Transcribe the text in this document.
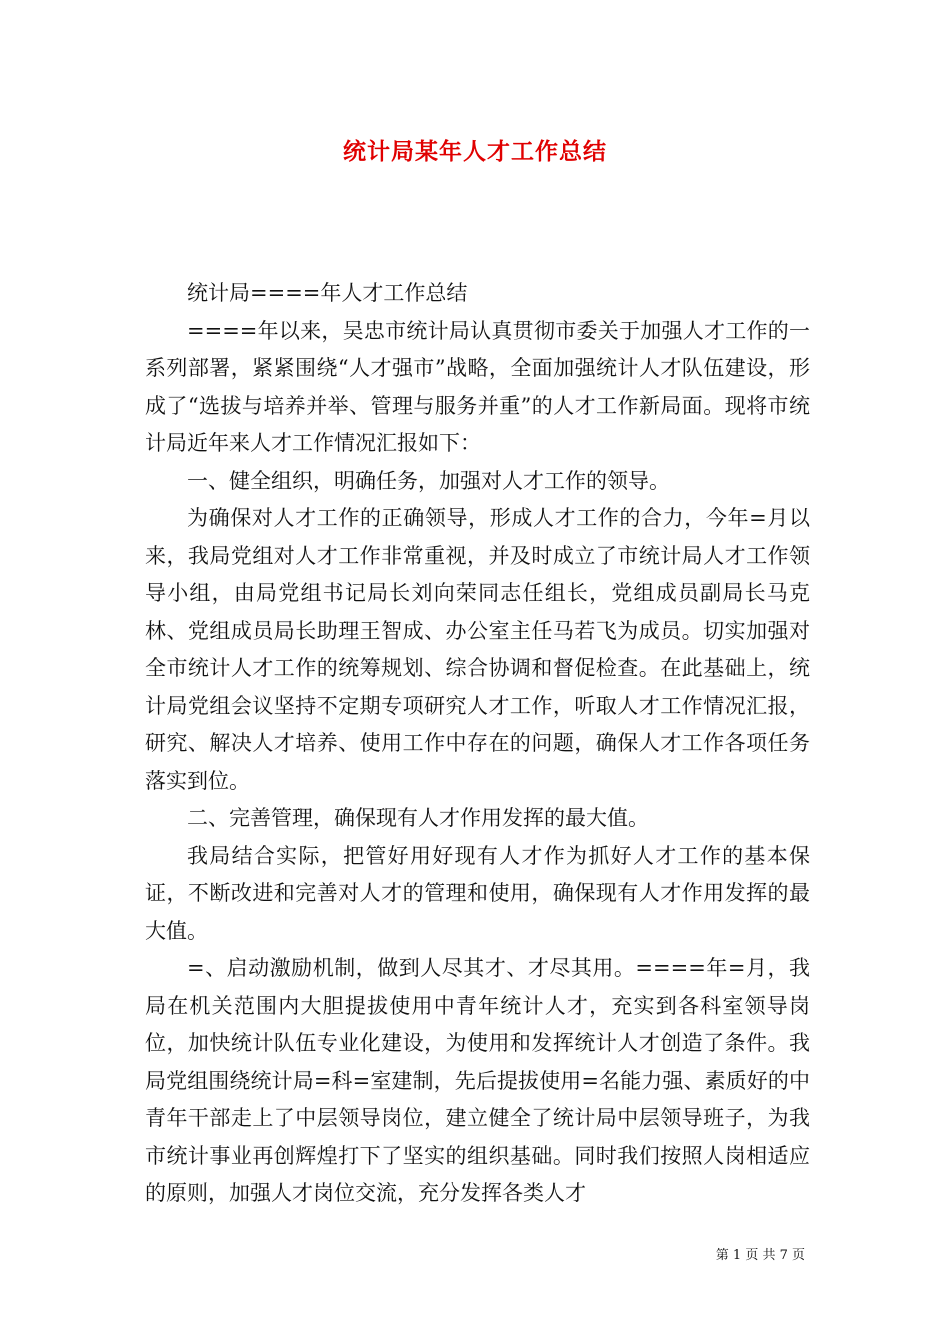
统计局某年人才工作总结

统计局====年人才工作总结

====年以来，吴忠市统计局认真贯彻市委关于加强人才工作的一系列部署，紧紧围绕“人才强市”战略，全面加强统计人才队伍建设，形成了“选拔与培养并举、管理与服务并重”的人才工作新局面。现将市统计局近年来人才工作情况汇报如下：

一、健全组织，明确任务，加强对人才工作的领导。

为确保对人才工作的正确领导，形成人才工作的合力，今年=月以来，我局党组对人才工作非常重视，并及时成立了市统计局人才工作领导小组，由局党组书记局长刘向荣同志任组长，党组成员副局长马克林、党组成员局长助理王智成、办公室主任马若飞为成员。切实加强对全市统计人才工作的统筹规划、综合协调和督促检查。在此基础上，统计局党组会议坚持不定期专项研究人才工作，听取人才工作情况汇报，研究、解决人才培养、使用工作中存在的问题，确保人才工作各项任务落实到位。

二、完善管理，确保现有人才作用发挥的最大值。

我局结合实际，把管好用好现有人才作为抓好人才工作的基本保证，不断改进和完善对人才的管理和使用，确保现有人才作用发挥的最大值。

=、启动激励机制，做到人尽其才、才尽其用。====年=月，我局在机关范围内大胆提拔使用中青年统计人才，充实到各科室领导岗位，加快统计队伍专业化建设，为使用和发挥统计人才创造了条件。我局党组围绕统计局=科=室建制，先后提拔使用=名能力强、素质好的中青年干部走上了中层领导岗位，建立健全了统计局中层领导班子，为我市统计事业再创辉煌打下了坚实的组织基础。同时我们按照人岗相适应的原则，加强人才岗位交流，充分发挥各类人才

第 1 页 共 7 页
